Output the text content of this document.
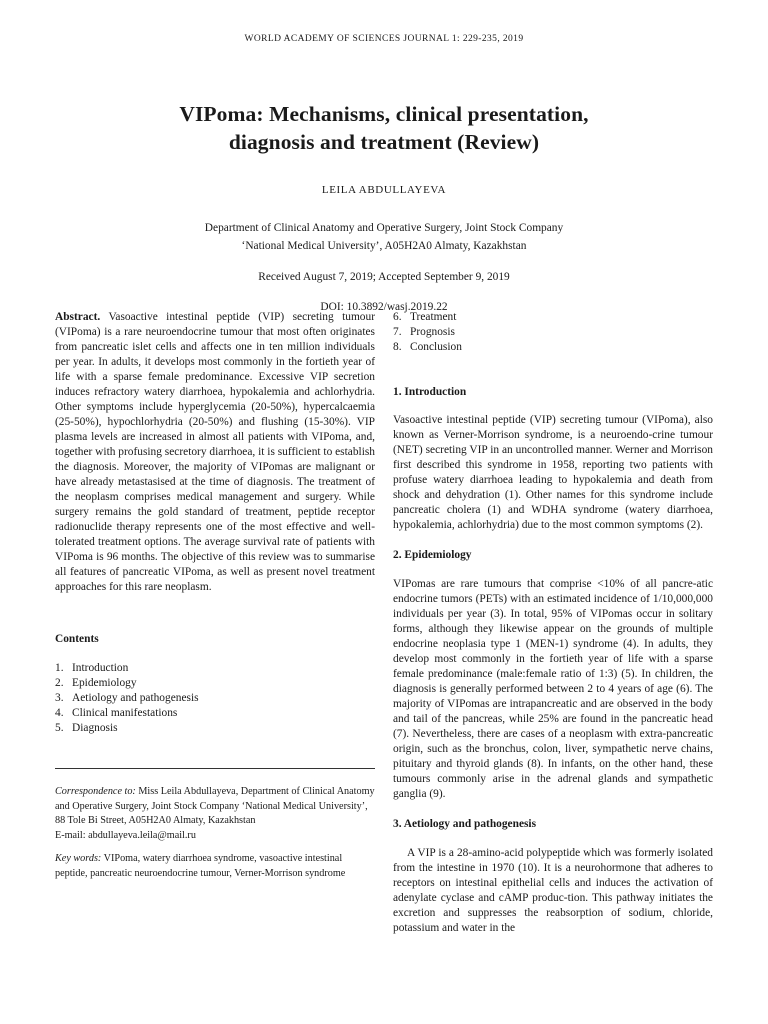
WORLD ACADEMY OF SCIENCES JOURNAL 1: 229-235, 2019

VIPoma: Mechanisms, clinical presentation,
diagnosis and treatment (Review)

LEILA ABDULLAYEVA

Department of Clinical Anatomy and Operative Surgery, Joint Stock Company
‘National Medical University’, A05H2A0 Almaty, Kazakhstan

Received August 7, 2019; Accepted September 9, 2019

DOI: 10.3892/wasj.2019.22

Abstract. Vasoactive intestinal peptide (VIP) secreting tumour (VIPoma) is a rare neuroendocrine tumour that most often originates from pancreatic islet cells and affects one in ten million individuals per year. In adults, it develops most commonly in the fortieth year of life with a sparse female predominance. Excessive VIP secretion induces refractory watery diarrhoea, hypokalemia and achlorhydria. Other symptoms include hyperglycemia (20-50%), hypercalcaemia (25-50%), hypochlorhydria (20-50%) and flushing (15-30%). VIP plasma levels are increased in almost all patients with VIPoma, and, together with profusing secretory diarrhoea, it is sufficient to establish the diagnosis. Moreover, the majority of VIPomas are malignant or have already metastasised at the time of diagnosis. The treatment of the neoplasm comprises medical management and surgery. While surgery remains the gold standard of treatment, peptide receptor radionuclide therapy represents one of the most effective and well-tolerated treatment options. The average survival rate of patients with VIPoma is 96 months. The objective of this review was to summarise all features of pancreatic VIPoma, as well as present novel treatment approaches for this rare neoplasm.

Contents

1. Introduction
2. Epidemiology
3. Aetiology and pathogenesis
4. Clinical manifestations
5. Diagnosis

Correspondence to: Miss Leila Abdullayeva, Department of Clinical Anatomy and Operative Surgery, Joint Stock Company ‘National Medical University’, 88 Tole Bi Street, A05H2A0 Almaty, Kazakhstan
E-mail: abdullayeva.leila@mail.ru

Key words: VIPoma, watery diarrhoea syndrome, vasoactive intestinal peptide, pancreatic neuroendocrine tumour, Verner-Morrison syndrome

6. Treatment
7. Prognosis
8. Conclusion

1. Introduction

Vasoactive intestinal peptide (VIP) secreting tumour (VIPoma), also known as Verner-Morrison syndrome, is a neuroendo-crine tumour (NET) secreting VIP in an uncontrolled manner. Werner and Morrison first described this syndrome in 1958, reporting two patients with profuse watery diarrhoea leading to hypokalemia and death from shock and dehydration (1). Other names for this syndrome include pancreatic cholera (1) and WDHA syndrome (watery diarrhoea, hypokalemia, achlorhydria) due to the most common symptoms (2).

2. Epidemiology

VIPomas are rare tumours that comprise <10% of all pancre-atic endocrine tumors (PETs) with an estimated incidence of 1/10,000,000 individuals per year (3). In total, 95% of VIPomas occur in solitary forms, although they likewise appear on the grounds of multiple endocrine neoplasia type 1 (MEN-1) syndrome (4). In adults, they develop most commonly in the fortieth year of life with a sparse female predominance (male:female ratio of 1:3) (5). In children, the diagnosis is generally performed between 2 to 4 years of age (6). The majority of VIPomas are intrapancreatic and are observed in the body and tail of the pancreas, while 25% are found in the pancreatic head (7). Nevertheless, there are cases of a neoplasm with extra-pancreatic origin, such as the bronchus, colon, liver, sympathetic nerve chains, pituitary and thyroid glands (8). In infants, on the other hand, these tumours commonly arise in the adrenal glands and sympathetic ganglia (9).

3. Aetiology and pathogenesis

A VIP is a 28-amino-acid polypeptide which was formerly isolated from the intestine in 1970 (10). It is a neurohormone that adheres to receptors on intestinal epithelial cells and induces the activation of adenylate cyclase and cAMP produc-tion. This pathway initiates the excretion and suppresses the reabsorption of sodium, chloride, potassium and water in the
